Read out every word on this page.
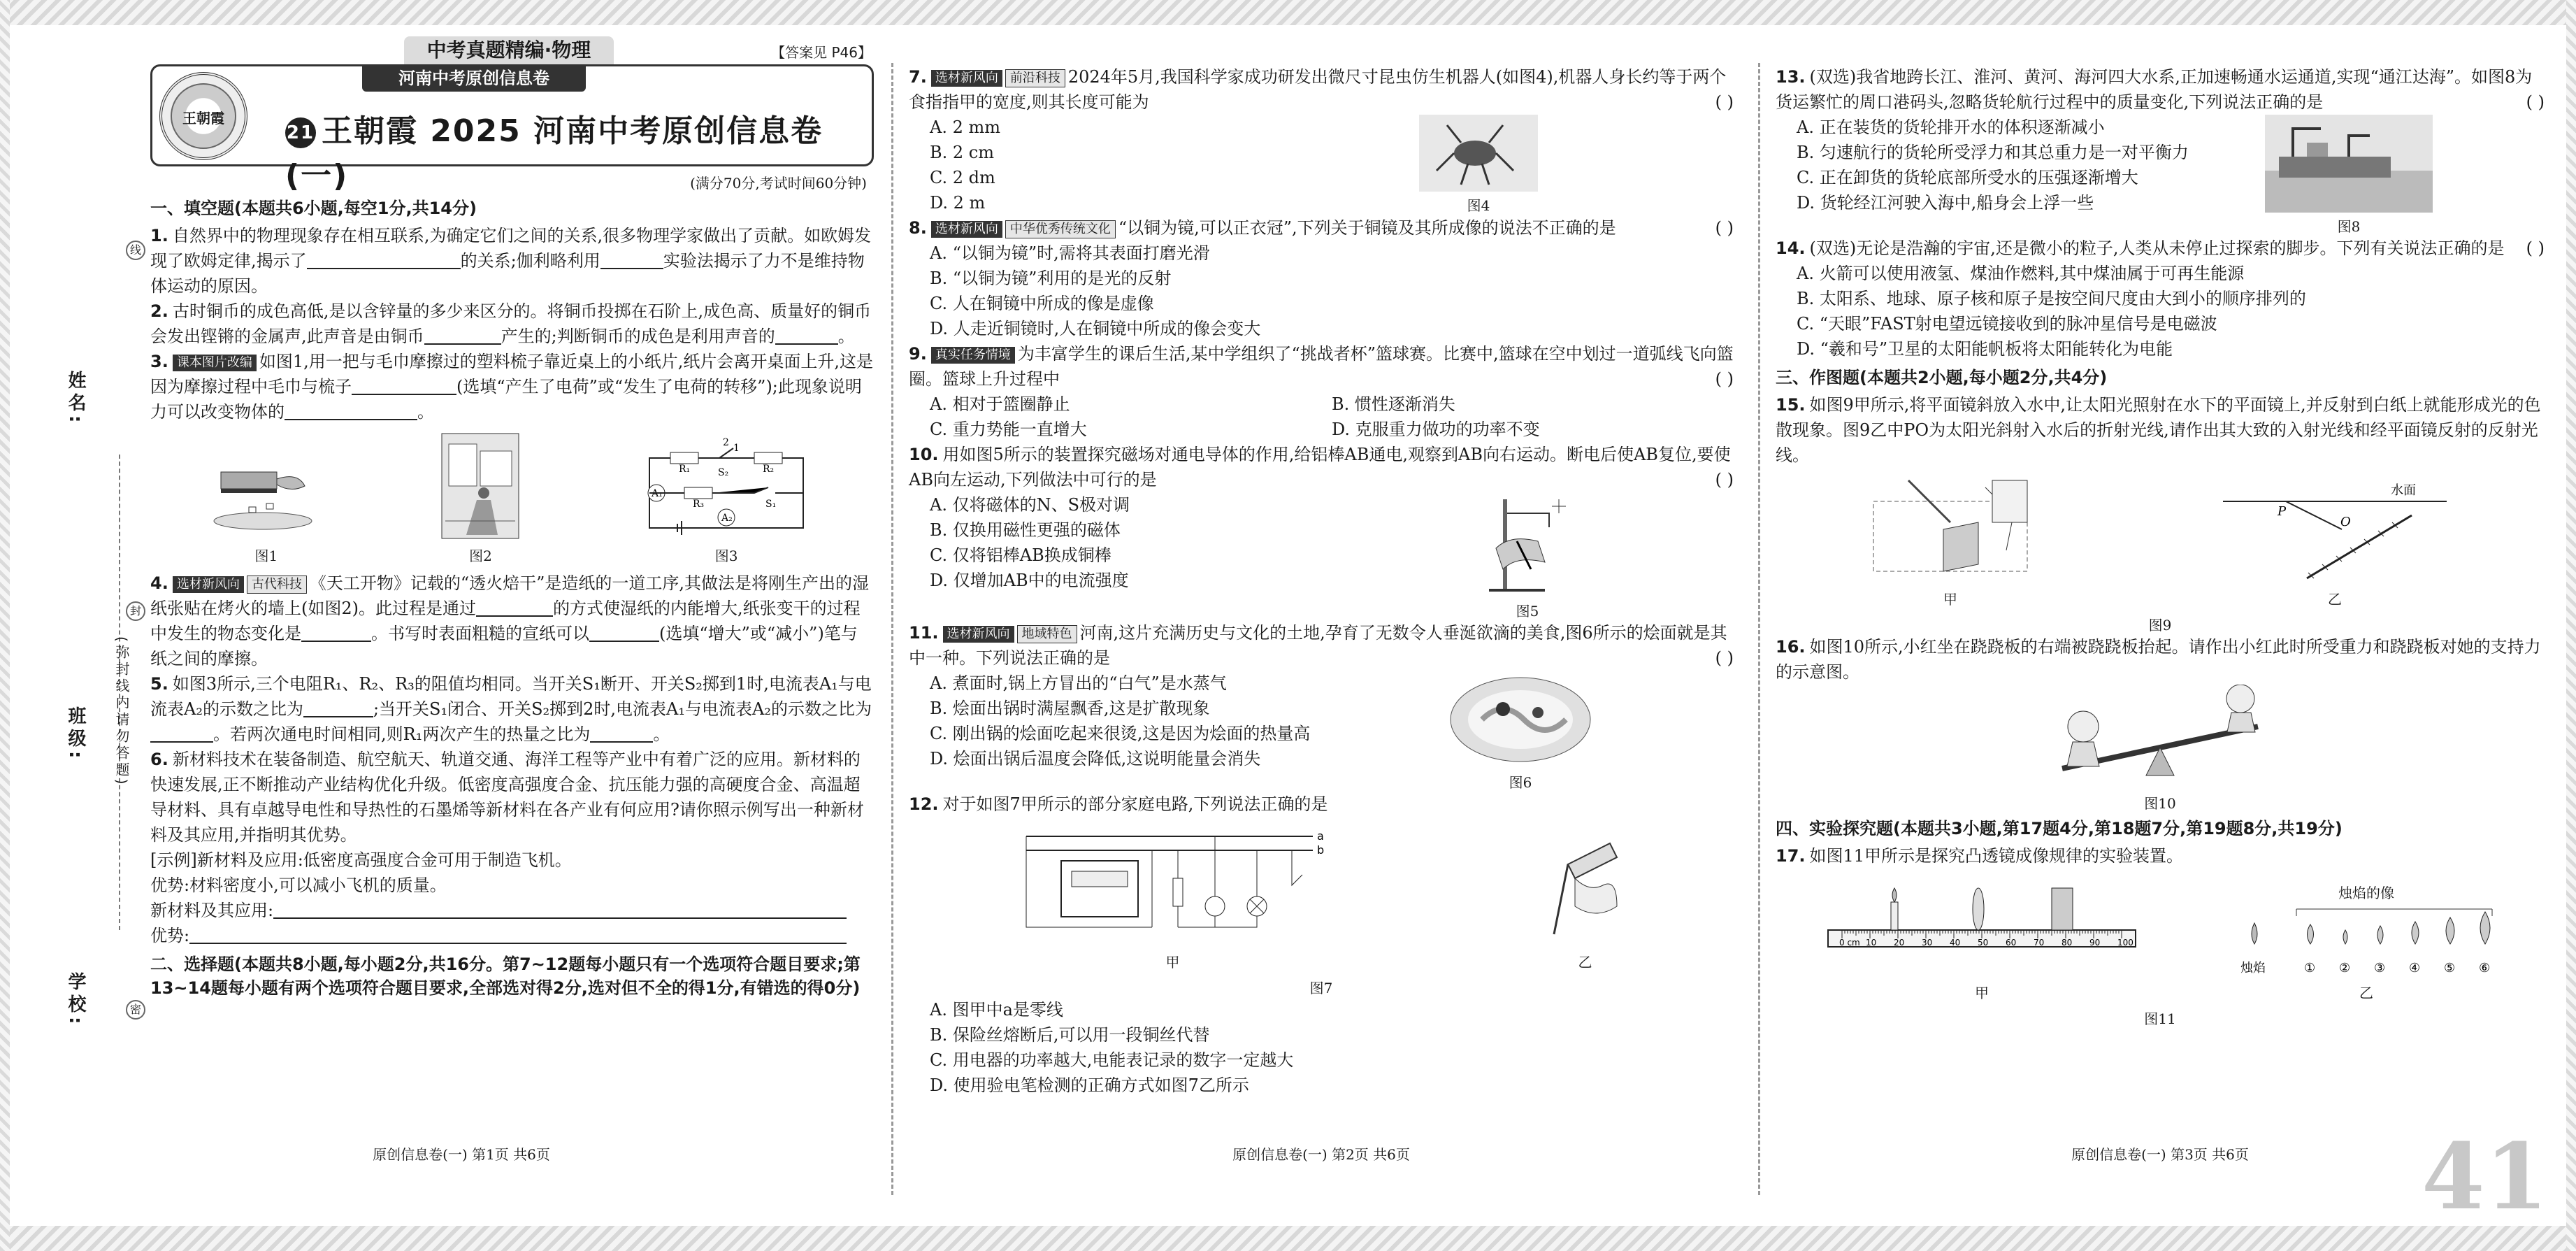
中考真题精编·物理
姓名:
班级:
学校:
(弥封线内请勿答题)
线
封
密
【答案见 P46】
河南中考原创信息卷
王朝霞
21 王朝霞 2025 河南中考原创信息卷(一)	(满分70分,考试时间60分钟)
一、填空题(本题共6小题,每空1分,共14分)

1. 自然界中的物理现象存在相互联系,为确定它们之间的关系,很多物理学家做出了贡献。如欧姆发现了欧姆定律,揭示了	的关系;伽利略利用	实验法揭示了力不是维持物体运动的原因。

2. 古时铜币的成色高低,是以含锌量的多少来区分的。将铜币投掷在石阶上,成色高、质量好的铜币会发出铿锵的金属声,此声音是由铜币	产生的;判断铜币的成色是利用声音的	。

3. 课本图片改编 如图1,用一把与毛巾摩擦过的塑料梳子靠近桌上的小纸片,纸片会离开桌面上升,这是因为摩擦过程中毛巾与梳子	(选填“产生了电荷”或“发生了电荷的转移”);此现象说明力可以改变物体的	。

图1	图2
R₁	R₂
2 1
S₂
R₃	S₁
A₂
图3

4. 选材新风向 古代科技 《天工开物》记载的“透火焙干”是造纸的一道工序,其做法是将刚生产出的湿纸张贴在烤火的墙上(如图2)。此过程是通过	的方式使湿纸的内能增大,纸张变干的过程中发生的物态变化是	。书写时表面粗糙的宣纸可以	(选填“增大”或“减小”)笔与纸之间的摩擦。

5. 如图3所示,三个电阻R₁、R₂、R₃的阻值均相同。当开关S₁断开、开关S₂掷到1时,电流表A₁与电流表A₂的示数之比为	;当开关S₁闭合、开关S₂掷到2时,电流表A₁与电流表A₂的示数之比为。若两次通电时间相同,则R₁两次产生的热量之比为	。

6. 新材料技术在装备制造、航空航天、轨道交通、海洋工程等产业中有着广泛的应用。新材料的快速发展,正不断推动产业结构优化升级。低密度高强度合金、抗压能力强的高硬度合金、高温超导材料、具有卓越导电性和导热性的石墨烯等新材料在各产业有何应用?请你照示例写出一种新材料及其应用,并指明其优势。

[示例]新材料及应用:低密度高强度合金可用于制造飞机。

优势:材料密度小,可以减小飞机的质量。

新材料及其应用:

优势:

二、选择题(本题共8小题,每小题2分,共16分。第7~12题每小题只有一个选项符合题目要求;第13~14题每小题有两个选项符合题目要求,全部选对得2分,选对但不全的得1分,有错选的得0分)
原创信息卷(一) 第1页 共6页

7. 选材新风向 前沿科技 2024年5月,我国科学家成功研发出微尺寸昆虫仿生机器人(如图4),机器人身长约等于两个食指指甲的宽度,则其长度可能为	( )

A. 2 mm
B. 2 cm
C. 2 dm
D. 2 m	图4

8. 选材新风向 中华优秀传统文化 “以铜为镜,可以正衣冠”,下列关于铜镜及其所成像的说法不正确的是	( )

A. “以铜为镜”时,需将其表面打磨光滑
B. “以铜为镜”利用的是光的反射
C. 人在铜镜中所成的像是虚像
D. 人走近铜镜时,人在铜镜中所成的像会变大

9. 真实任务情境 为丰富学生的课后生活,某中学组织了“挑战者杯”篮球赛。比赛中,篮球在空中划过一道弧线飞向篮圈。篮球上升过程中	( )

A. 相对于篮圈静止	B. 惯性逐渐消失
C. 重力势能一直增大	D. 克服重力做功的功率不变

10. 用如图5所示的装置探究磁场对通电导体的作用,给铝棒AB通电,观察到AB向右运动。断电后使AB复位,要使AB向左运动,下列做法中可行的是	( )

A. 仅将磁体的N、S极对调
B. 仅换用磁性更强的磁体
C. 仅将铝棒AB换成铜棒
D. 仅增加AB中的电流强度
图5

11. 选材新风向 地域特色 河南,这片充满历史与文化的土地,孕育了无数令人垂涎欲滴的美食,图6所示的烩面就是其中一种。下列说法正确的是	( )

A. 煮面时,锅上方冒出的“白气”是水蒸气
B. 烩面出锅时满屋飘香,这是扩散现象
C. 刚出锅的烩面吃起来很烫,这是因为烩面的热量高
D. 烩面出锅后温度会降低,这说明能量会消失
图6

12. 对于如图7甲所示的部分家庭电路,下列说法正确的是

a
b
甲	乙
图7
A. 图甲中a是零线
B. 保险丝熔断后,可以用一段铜丝代替
C. 用电器的功率越大,电能表记录的数字一定越大
D. 使用验电笔检测的正确方式如图7乙所示
原创信息卷(一) 第2页 共6页

13. (双选)我省地跨长江、淮河、黄河、海河四大水系,正加速畅通水运通道,实现“通江达海”。如图8为货运繁忙的周口港码头,忽略货轮航行过程中的质量变化,下列说法正确的是	( )

A. 正在装货的货轮排开水的体积逐渐减小
B. 匀速航行的货轮所受浮力和其总重力是一对平衡力
C. 正在卸货的货轮底部所受水的压强逐渐增大
D. 货轮经江河驶入海中,船身会上浮一些
图8

14. (双选)无论是浩瀚的宇宙,还是微小的粒子,人类从未停止过探索的脚步。下列有关说法正确的是 ( )

A. 火箭可以使用液氢、煤油作燃料,其中煤油属于可再生能源
B. 太阳系、地球、原子核和原子是按空间尺度由大到小的顺序排列的
C. “天眼”FAST射电望远镜接收到的脉冲星信号是电磁波
D. “羲和号”卫星的太阳能帆板将太阳能转化为电能
三、作图题(本题共2小题,每小题2分,共4分)

15. 如图9甲所示,将平面镜斜放入水中,让太阳光照射在水下的平面镜上,并反射到白纸上就能形成光的色散现象。图9乙中PO为太阳光斜射入水后的折射光线,请作出其大致的入射光线和经平面镜反射的反射光线。

甲
水面
P
O
乙
图9

16. 如图10所示,小红坐在跷跷板的右端被跷跷板抬起。请作出小红此时所受重力和跷跷板对她的支持力的示意图。

图10
四、实验探究题(本题共3小题,第17题4分,第18题7分,第19题8分,共19分)

17. 如图11甲所示是探究凸透镜成像规律的实验装置。

0 cm 10 20 30 40 50 60 70 80 90 100
甲
烛焰的像
① ② ③ ④ ⑤ ⑥
烛焰
乙
图11
原创信息卷(一) 第3页 共6页	41
